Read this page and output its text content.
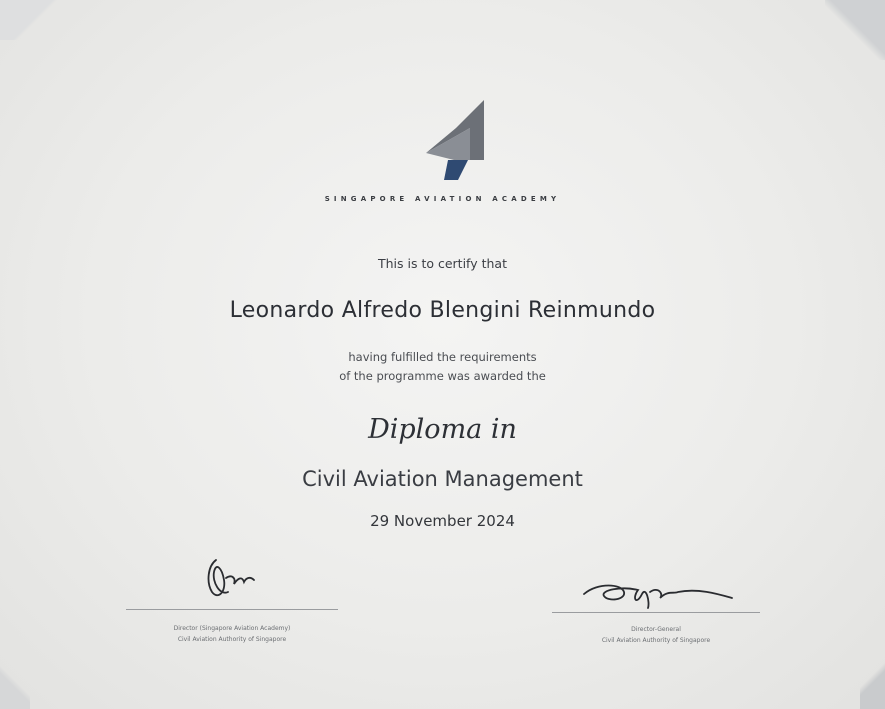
SINGAPORE AVIATION ACADEMY
This is to certify that
Leonardo Alfredo Blengini Reinmundo
having fulfilled the requirements
of the programme was awarded the
Diploma in
Civil Aviation Management
29 November 2024
Director (Singapore Aviation Academy)
Civil Aviation Authority of Singapore
Director-General
Civil Aviation Authority of Singapore
